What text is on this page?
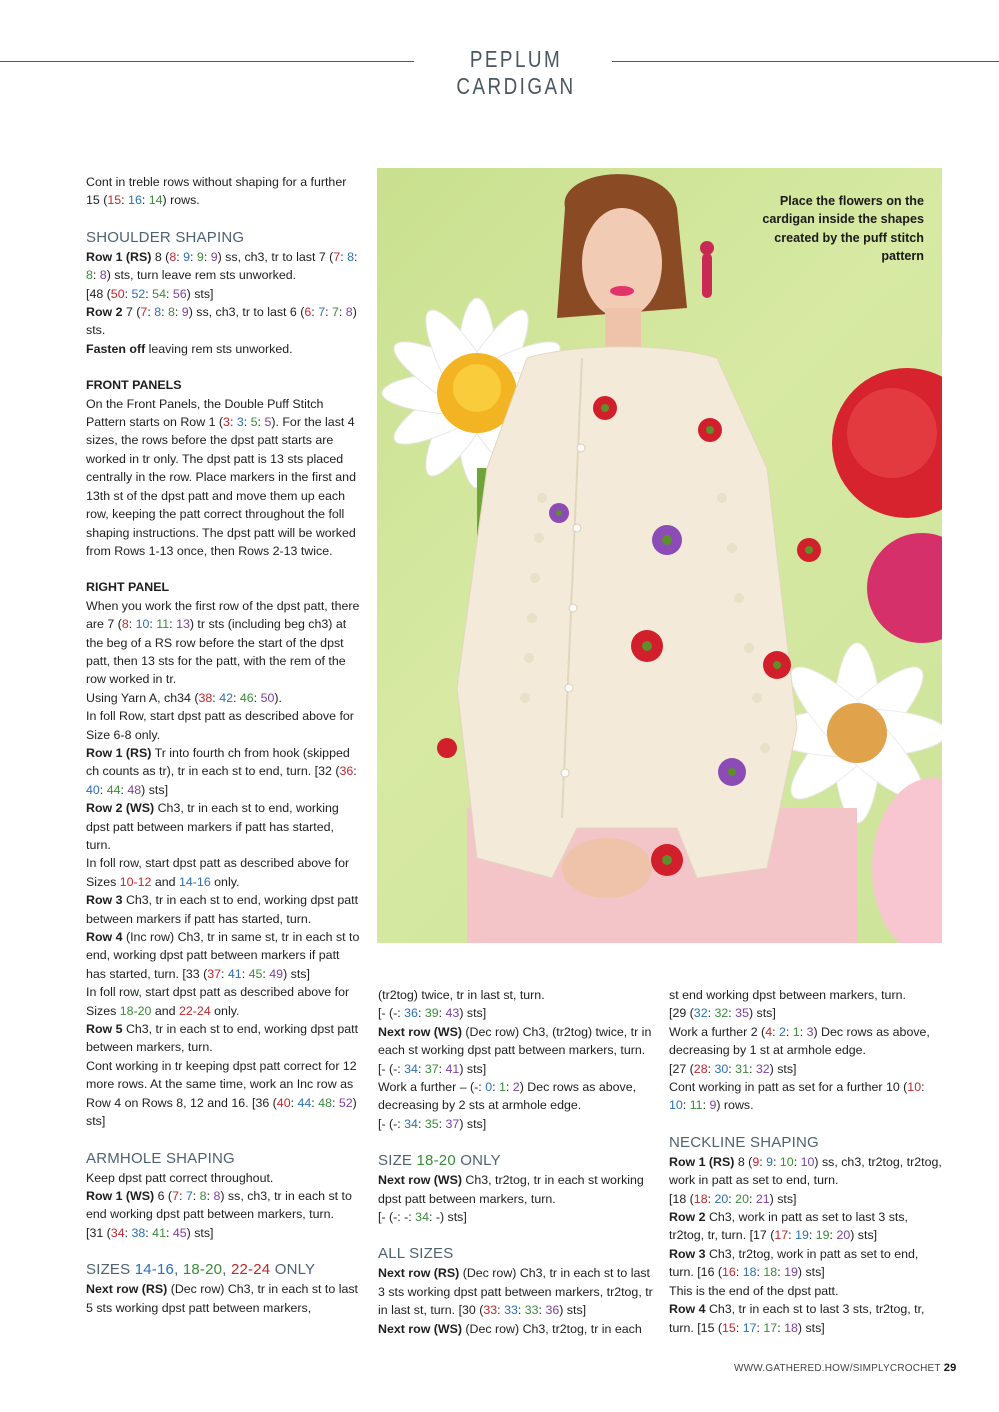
PEPLUM CARDIGAN

Cont in treble rows without shaping for a further 15 (15: 16: 14) rows.

SHOULDER SHAPING

Row 1 (RS) 8 (8: 9: 9: 9) ss, ch3, tr to last 7 (7: 8: 8: 8) sts, turn leave rem sts unworked.

[48 (50: 52: 54: 56) sts]

Row 2 7 (7: 8: 8: 9) ss, ch3, tr to last 6 (6: 7: 7: 8) sts.

Fasten off leaving rem sts unworked.

FRONT PANELS

On the Front Panels, the Double Puff Stitch Pattern starts on Row 1 (3: 3: 5: 5). For the last 4 sizes, the rows before the dpst patt starts are worked in tr only. The dpst patt is 13 sts placed centrally in the row. Place markers in the first and 13th st of the dpst patt and move them up each row, keeping the patt correct throughout the foll shaping instructions. The dpst patt will be worked from Rows 1-13 once, then Rows 2-13 twice.

RIGHT PANEL

When you work the first row of the dpst patt, there are 7 (8: 10: 11: 13) tr sts (including beg ch3) at the beg of a RS row before the start of the dpst patt, then 13 sts for the patt, with the rem of the row worked in tr.

Using Yarn A, ch34 (38: 42: 46: 50).

In foll Row, start dpst patt as described above for Size 6-8 only.

Row 1 (RS) Tr into fourth ch from hook (skipped ch counts as tr), tr in each st to end, turn. [32 (36: 40: 44: 48) sts]

Row 2 (WS) Ch3, tr in each st to end, working dpst patt between markers if patt has started, turn.

In foll row, start dpst patt as described above for Sizes 10-12 and 14-16 only.

Row 3 Ch3, tr in each st to end, working dpst patt between markers if patt has started, turn.

Row 4 (Inc row) Ch3, tr in same st, tr in each st to end, working dpst patt between markers if patt has started, turn. [33 (37: 41: 45: 49) sts]

In foll row, start dpst patt as described above for Sizes 18-20 and 22-24 only.

Row 5 Ch3, tr in each st to end, working dpst patt between markers, turn.

Cont working in tr keeping dpst patt correct for 12 more rows. At the same time, work an Inc row as Row 4 on Rows 8, 12 and 16. [36 (40: 44: 48: 52) sts]

ARMHOLE SHAPING

Keep dpst patt correct throughout.

Row 1 (WS) 6 (7: 7: 8: 8) ss, ch3, tr in each st to end working dpst patt between markers, turn.

[31 (34: 38: 41: 45) sts]

SIZES 14-16, 18-20, 22-24 ONLY

Next row (RS) (Dec row) Ch3, tr in each st to last 5 sts working dpst patt between markers,

Place the flowers on the cardigan inside the shapes created by the puff stitch pattern

(tr2tog) twice, tr in last st, turn.

[- (-: 36: 39: 43) sts]

Next row (WS) (Dec row) Ch3, (tr2tog) twice, tr in each st working dpst patt between markers, turn. [- (-: 34: 37: 41) sts]

Work a further – (-: 0: 1: 2) Dec rows as above, decreasing by 2 sts at armhole edge.

[- (-: 34: 35: 37) sts]

SIZE 18-20 ONLY

Next row (WS) Ch3, tr2tog, tr in each st working dpst patt between markers, turn.

[- (-: -: 34: -) sts]

ALL SIZES

Next row (RS) (Dec row) Ch3, tr in each st to last 3 sts working dpst patt between markers, tr2tog, tr in last st, turn. [30 (33: 33: 33: 36) sts]

Next row (WS) (Dec row) Ch3, tr2tog, tr in each

st end working dpst between markers, turn.

[29 (32: 32: 35) sts]

Work a further 2 (4: 2: 1: 3) Dec rows as above, decreasing by 1 st at armhole edge.

[27 (28: 30: 31: 32) sts]

Cont working in patt as set for a further 10 (10: 10: 11: 9) rows.

NECKLINE SHAPING

Row 1 (RS) 8 (9: 9: 10: 10) ss, ch3, tr2tog, tr2tog, work in patt as set to end, turn.

[18 (18: 20: 20: 21) sts]

Row 2 Ch3, work in patt as set to last 3 sts, tr2tog, tr, turn. [17 (17: 19: 19: 20) sts]

Row 3 Ch3, tr2tog, work in patt as set to end, turn. [16 (16: 18: 18: 19) sts]

This is the end of the dpst patt.

Row 4 Ch3, tr in each st to last 3 sts, tr2tog, tr, turn. [15 (15: 17: 17: 18) sts]

WWW.GATHERED.HOW/SIMPLYCROCHET 29
